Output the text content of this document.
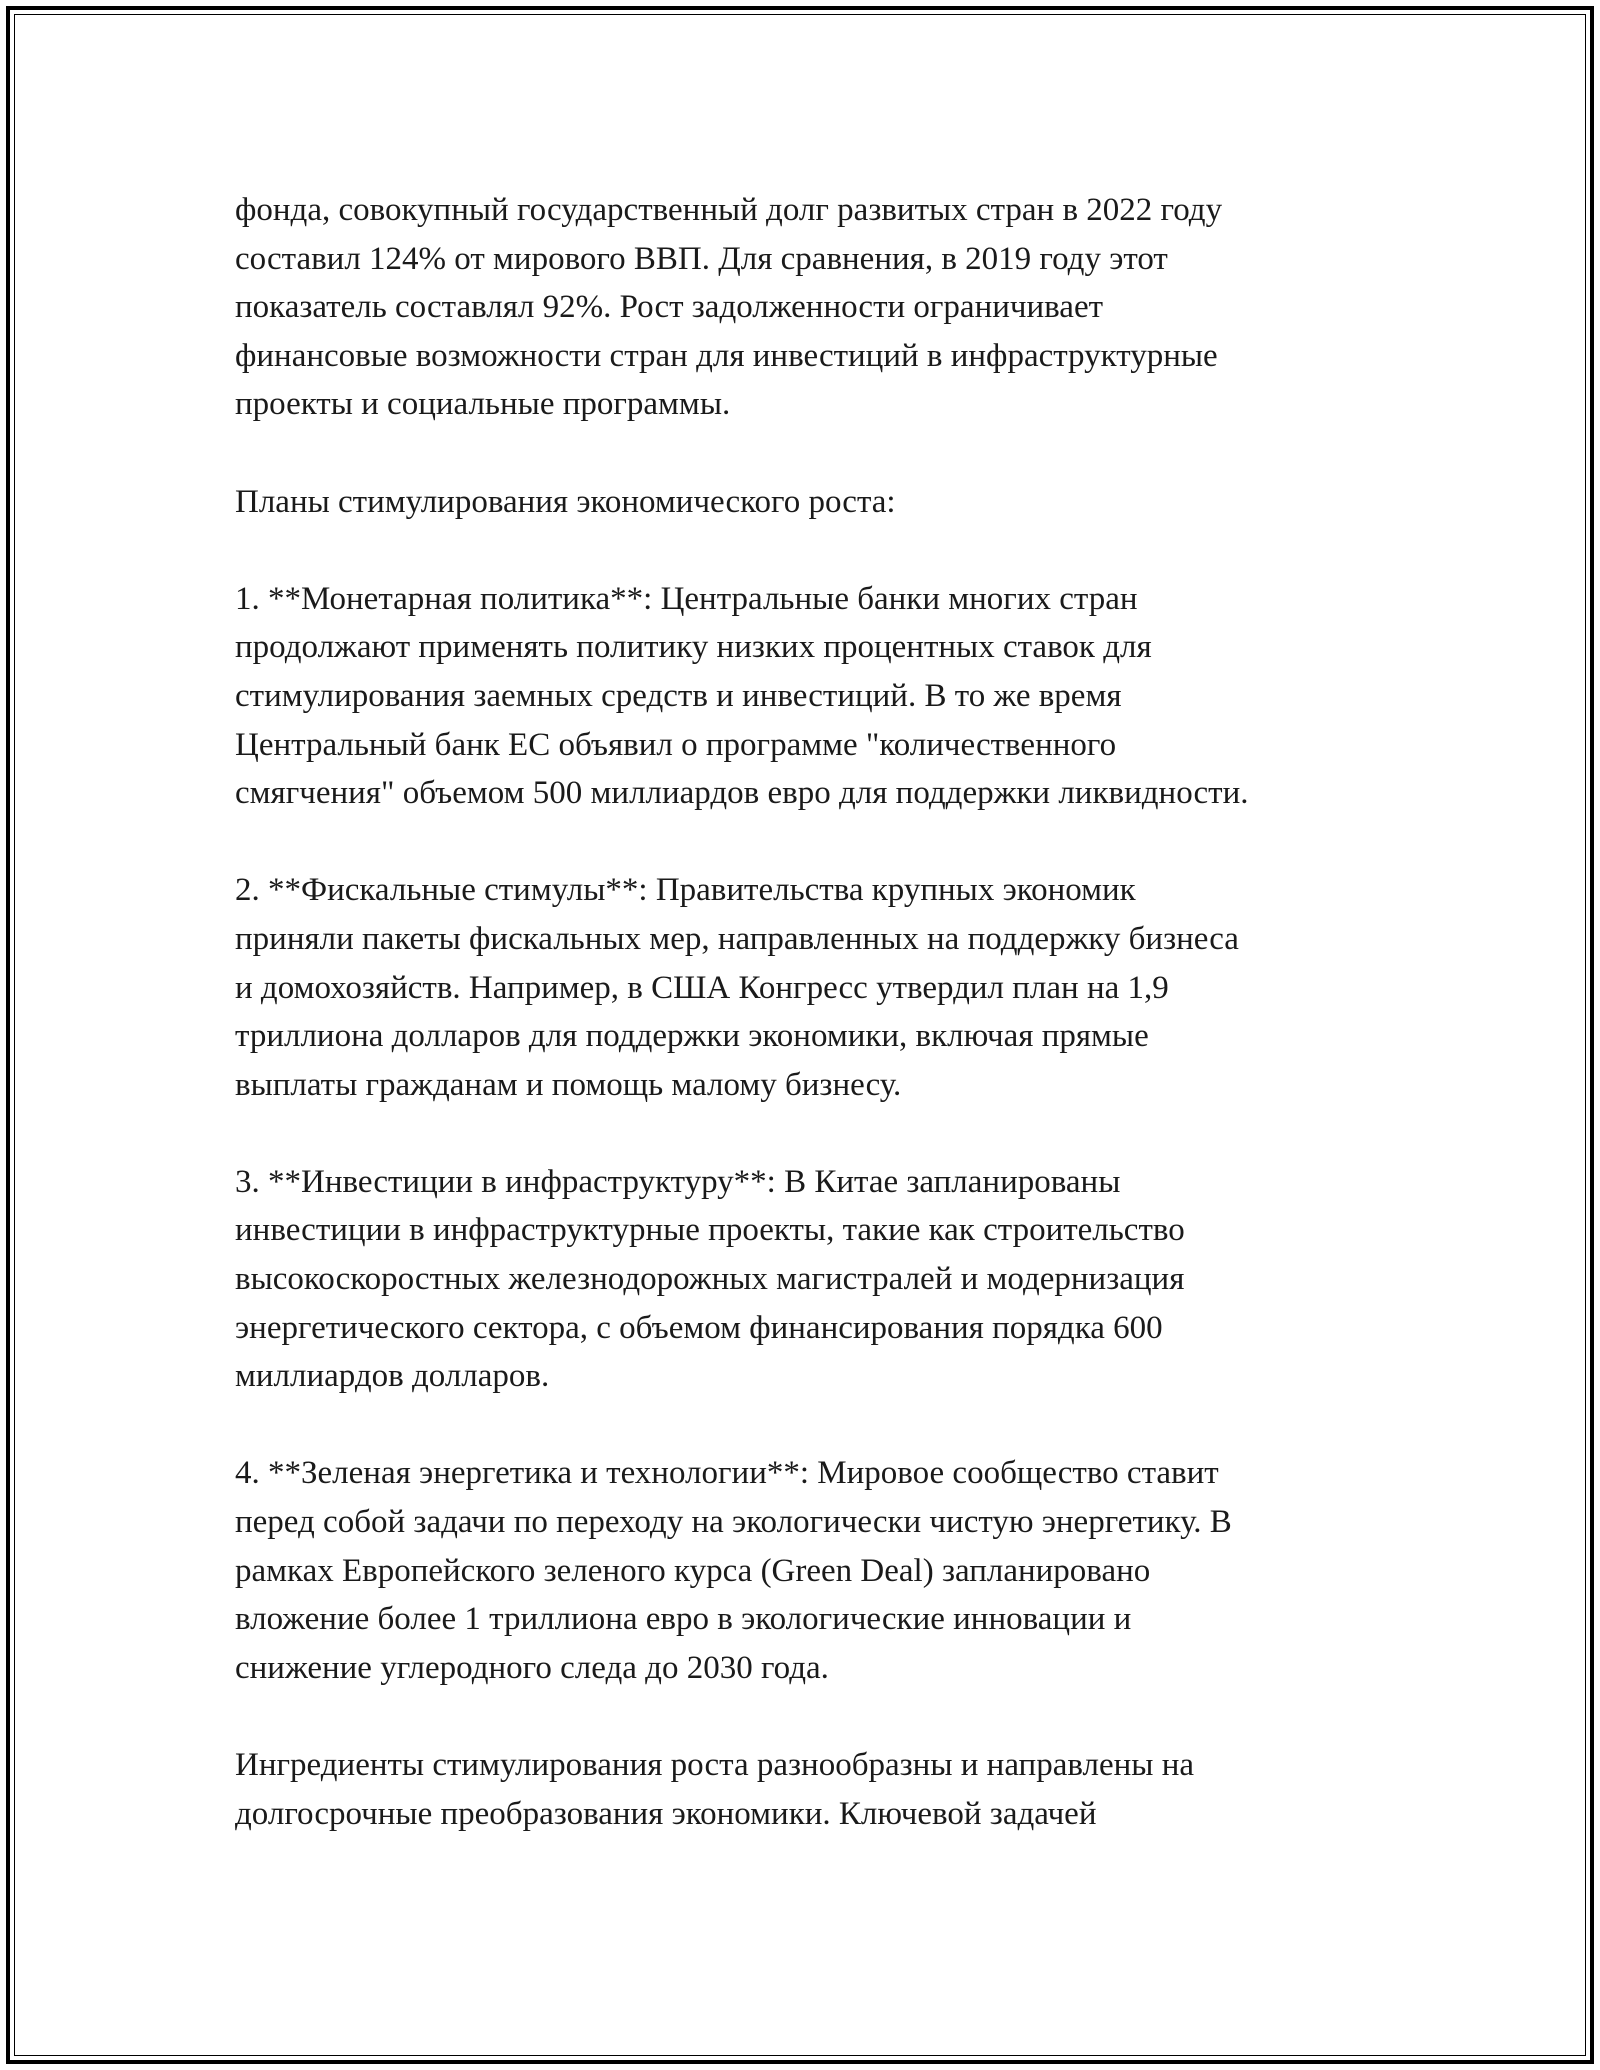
фонда, совокупный государственный долг развитых стран в 2022 году
составил 124% от мирового ВВП. Для сравнения, в 2019 году этот
показатель составлял 92%. Рост задолженности ограничивает
финансовые возможности стран для инвестиций в инфраструктурные
проекты и социальные программы.
Планы стимулирования экономического роста:
1. **Монетарная политика**: Центральные банки многих стран
продолжают применять политику низких процентных ставок для
стимулирования заемных средств и инвестиций. В то же время
Центральный банк ЕС объявил о программе "количественного
смягчения" объемом 500 миллиардов евро для поддержки ликвидности.
2. **Фискальные стимулы**: Правительства крупных экономик
приняли пакеты фискальных мер, направленных на поддержку бизнеса
и домохозяйств. Например, в США Конгресс утвердил план на 1,9
триллиона долларов для поддержки экономики, включая прямые
выплаты гражданам и помощь малому бизнесу.
3. **Инвестиции в инфраструктуру**: В Китае запланированы
инвестиции в инфраструктурные проекты, такие как строительство
высокоскоростных железнодорожных магистралей и модернизация
энергетического сектора, с объемом финансирования порядка 600
миллиардов долларов.
4. **Зеленая энергетика и технологии**: Мировое сообщество ставит
перед собой задачи по переходу на экологически чистую энергетику. В
рамках Европейского зеленого курса (Green Deal) запланировано
вложение более 1 триллиона евро в экологические инновации и
снижение углеродного следа до 2030 года.
Ингредиенты стимулирования роста разнообразны и направлены на
долгосрочные преобразования экономики. Ключевой задачей
